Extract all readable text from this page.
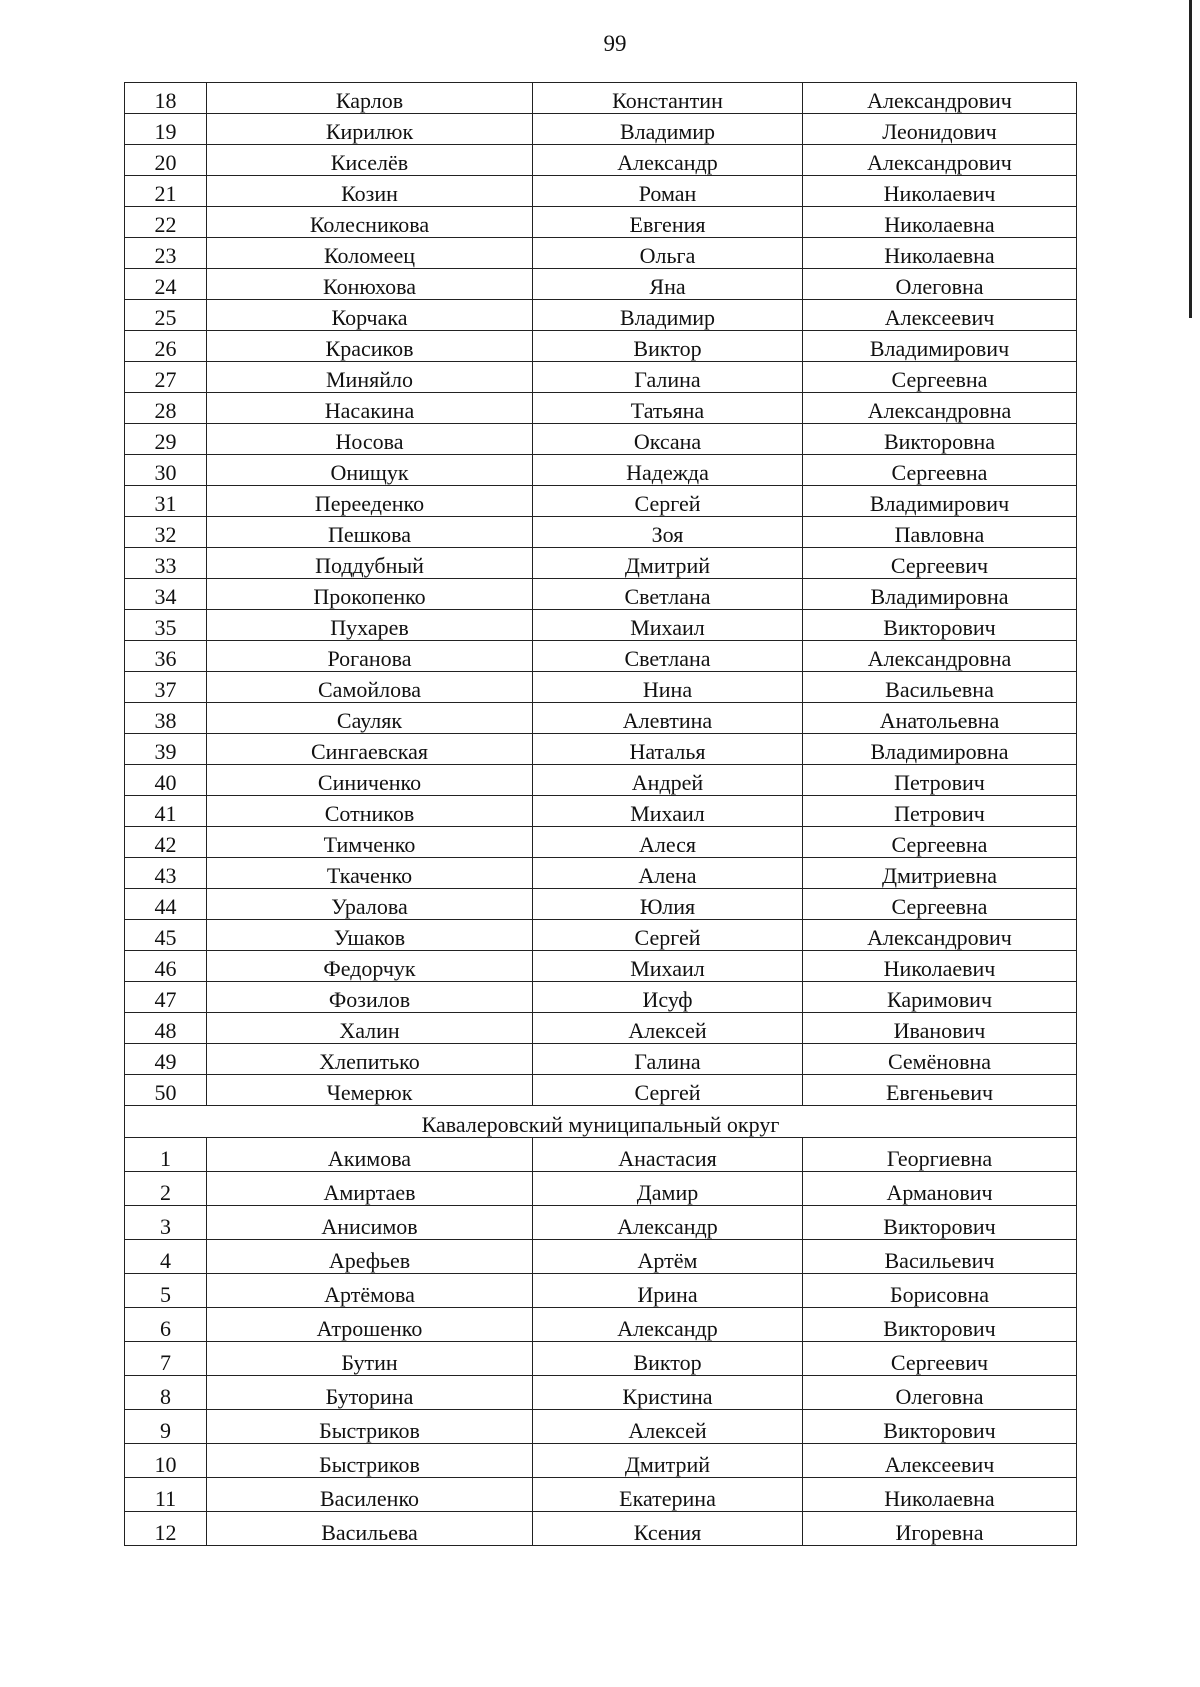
99
18	Карлов	Константин	Александрович
19	Кирилюк	Владимир	Леонидович
20	Киселёв	Александр	Александрович
21	Козин	Роман	Николаевич
22	Колесникова	Евгения	Николаевна
23	Коломеец	Ольга	Николаевна
24	Конюхова	Яна	Олеговна
25	Корчака	Владимир	Алексеевич
26	Красиков	Виктор	Владимирович
27	Миняйло	Галина	Сергеевна
28	Насакина	Татьяна	Александровна
29	Носова	Оксана	Викторовна
30	Онищук	Надежда	Сергеевна
31	Перееденко	Сергей	Владимирович
32	Пешкова	Зоя	Павловна
33	Поддубный	Дмитрий	Сергеевич
34	Прокопенко	Светлана	Владимировна
35	Пухарев	Михаил	Викторович
36	Роганова	Светлана	Александровна
37	Самойлова	Нина	Васильевна
38	Сауляк	Алевтина	Анатольевна
39	Сингаевская	Наталья	Владимировна
40	Синиченко	Андрей	Петрович
41	Сотников	Михаил	Петрович
42	Тимченко	Алеся	Сергеевна
43	Ткаченко	Алена	Дмитриевна
44	Уралова	Юлия	Сергеевна
45	Ушаков	Сергей	Александрович
46	Федорчук	Михаил	Николаевич
47	Фозилов	Исуф	Каримович
48	Халин	Алексей	Иванович
49	Хлепитько	Галина	Семёновна
50	Чемерюк	Сергей	Евгеньевич
Кавалеровский муниципальный округ			
1	Акимова	Анастасия	Георгиевна
2	Амиртаев	Дамир	Арманович
3	Анисимов	Александр	Викторович
4	Арефьев	Артём	Васильевич
5	Артёмова	Ирина	Борисовна
6	Атрошенко	Александр	Викторович
7	Бутин	Виктор	Сергеевич
8	Буторина	Кристина	Олеговна
9	Быстриков	Алексей	Викторович
10	Быстриков	Дмитрий	Алексеевич
11	Василенко	Екатерина	Николаевна
12	Васильева	Ксения	Игоревна
